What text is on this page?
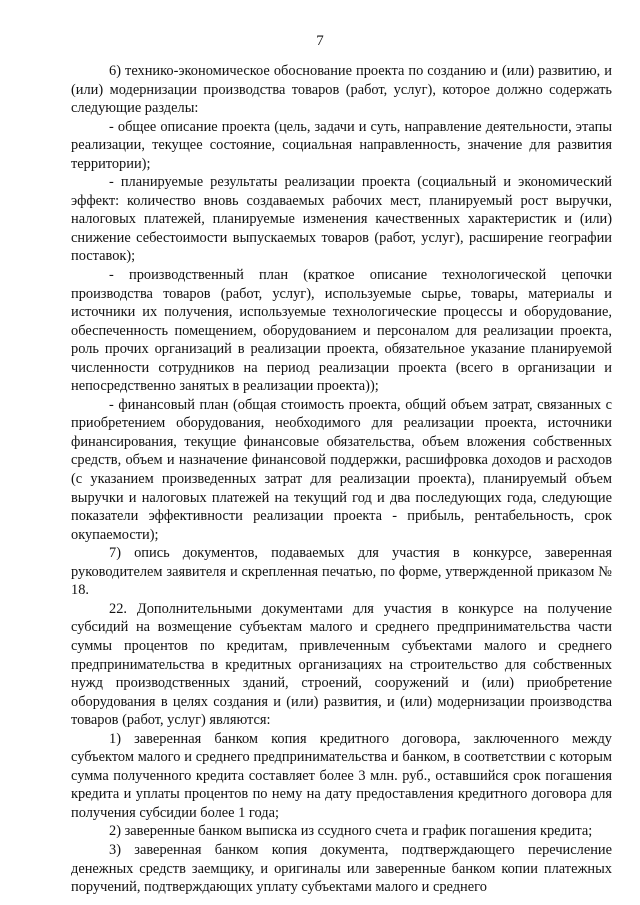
7

6) технико-экономическое обоснование проекта по созданию и (или) развитию, и (или) модернизации производства товаров (работ, услуг), которое должно содержать следующие разделы:

- общее описание проекта (цель, задачи и суть, направление деятельности, этапы реализации, текущее состояние, социальная направленность, значение для развития территории);

- планируемые результаты реализации проекта (социальный и экономический эффект: количество вновь создаваемых рабочих мест, планируемый рост выручки, налоговых платежей, планируемые изменения качественных характеристик и (или) снижение себестоимости выпускаемых товаров (работ, услуг), расширение географии поставок);

- производственный план (краткое описание технологической цепочки производства товаров (работ, услуг), используемые сырье, товары, материалы и источники их получения, используемые технологические процессы и оборудование, обеспеченность помещением, оборудованием и персоналом для реализации проекта, роль прочих организаций в реализации проекта, обязательное указание планируемой численности сотрудников на период реализации проекта (всего в организации и непосредственно занятых в реализации проекта));

- финансовый план (общая стоимость проекта, общий объем затрат, связанных с приобретением оборудования, необходимого для реализации проекта, источники финансирования, текущие финансовые обязательства, объем вложения собственных средств, объем и назначение финансовой поддержки, расшифровка доходов и расходов (с указанием произведенных затрат для реализации проекта), планируемый объем выручки и налоговых платежей на текущий год и два последующих года, следующие показатели эффективности реализации проекта - прибыль, рентабельность, срок окупаемости);

7) опись документов, подаваемых для участия в конкурсе, заверенная руководителем заявителя и скрепленная печатью, по форме, утвержденной приказом № 18.

22. Дополнительными документами для участия в конкурсе на получение субсидий на возмещение субъектам малого и среднего предпринимательства части суммы процентов по кредитам, привлеченным субъектами малого и среднего предпринимательства в кредитных организациях на строительство для собственных нужд производственных зданий, строений, сооружений и (или) приобретение оборудования в целях создания и (или) развития, и (или) модернизации производства товаров (работ, услуг) являются:

1) заверенная банком копия кредитного договора, заключенного между субъектом малого и среднего предпринимательства и банком, в соответствии с которым сумма полученного кредита составляет более 3 млн. руб., оставшийся срок погашения кредита и уплаты процентов по нему на дату предоставления кредитного договора для получения субсидии более 1 года;

2) заверенные банком выписка из ссудного счета и график погашения кредита;

3) заверенная банком копия документа, подтверждающего перечисление денежных средств заемщику, и оригиналы или заверенные банком копии платежных поручений, подтверждающих уплату субъектами малого и среднего
